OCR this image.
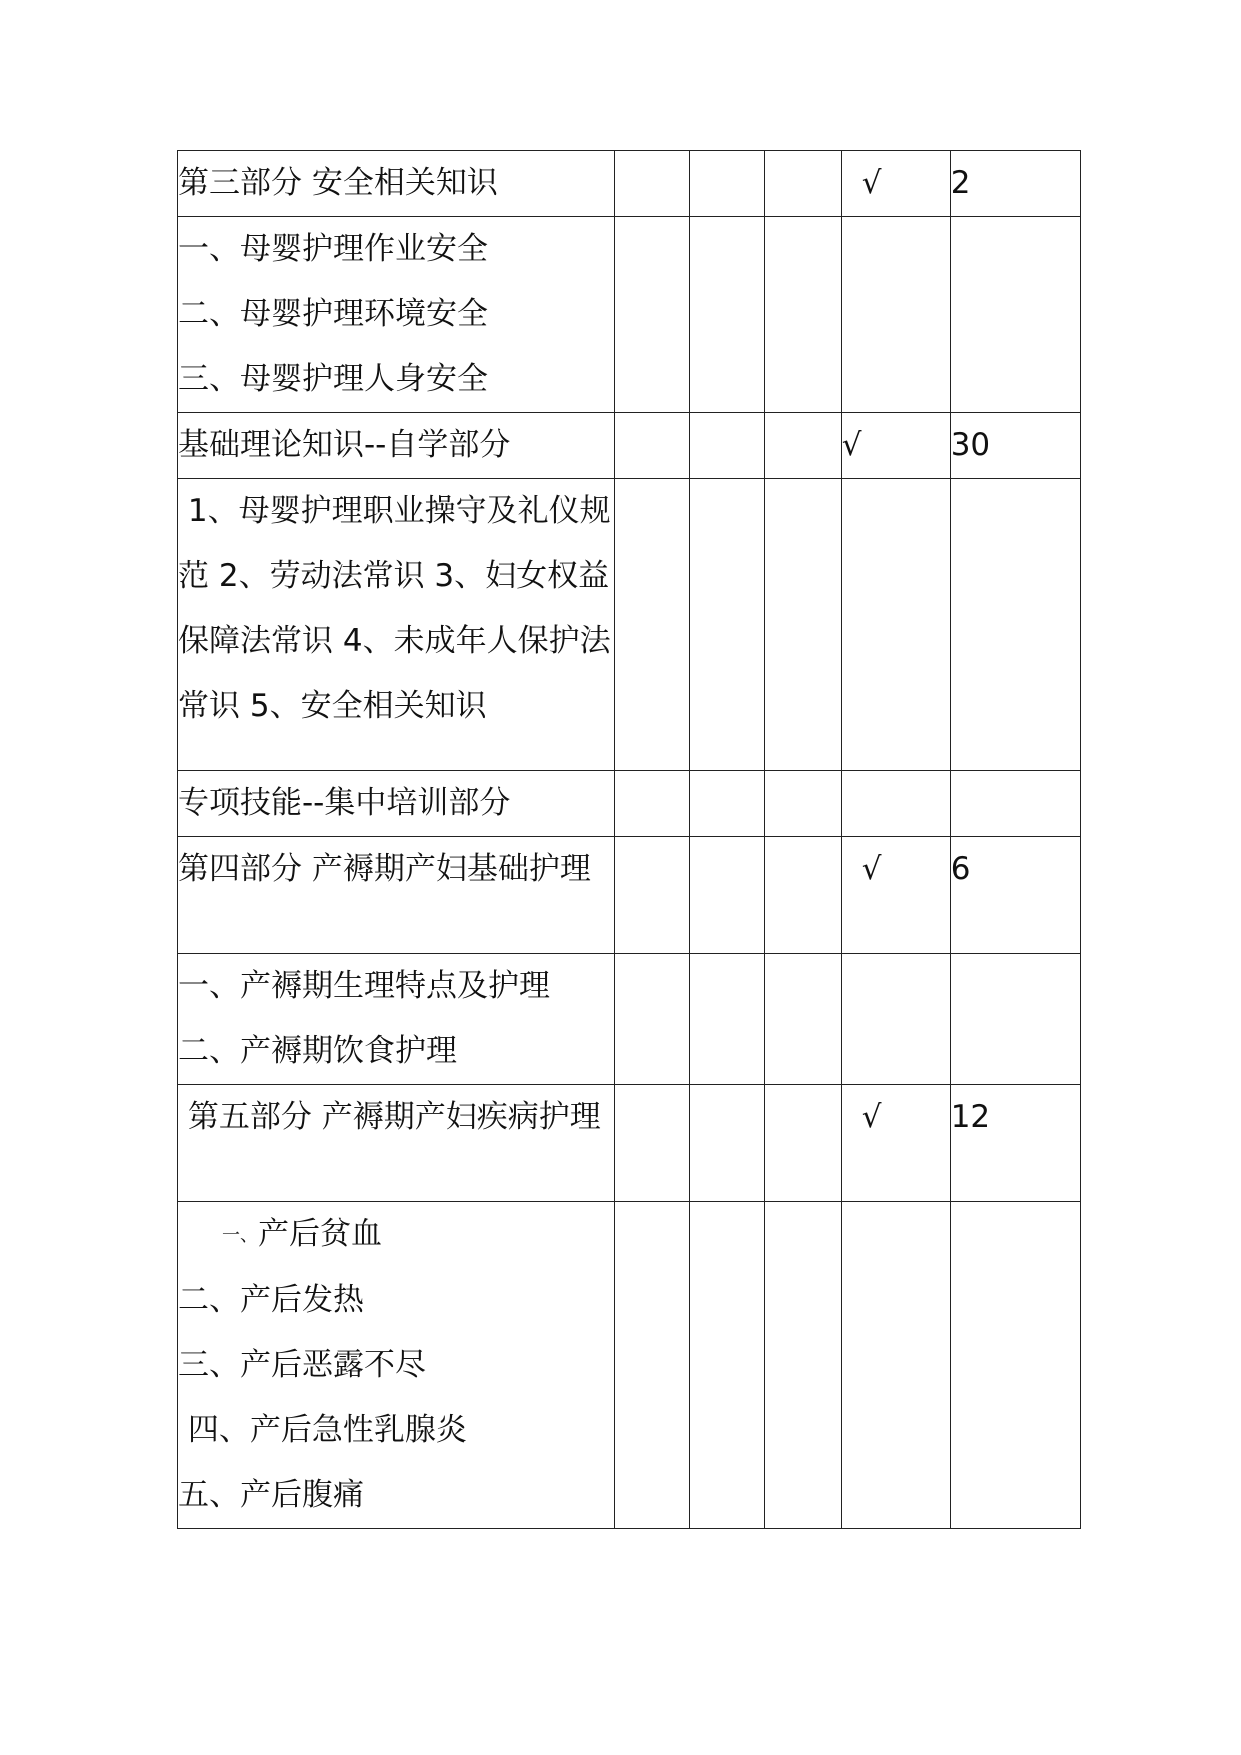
第三部分 安全相关知识				√	2

一、母婴护理作业安全
二、母婴护理环境安全
三、母婴护理人身安全					

基础理论知识--自学部分				√	30

1、母婴护理职业操守及礼仪规范 2、劳动法常识 3、妇女权益保障法常识 4、未成年人保护法常识 5、安全相关知识					

专项技能--集中培训部分					

第四部分 产褥期产妇基础护理				√	6

一、产褥期生理特点及护理
二、产褥期饮食护理					

第五部分 产褥期产妇疾病护理				√	12

一、产后贫血
二、产后发热
三、产后恶露不尽
四、产后急性乳腺炎
五、产后腹痛					
